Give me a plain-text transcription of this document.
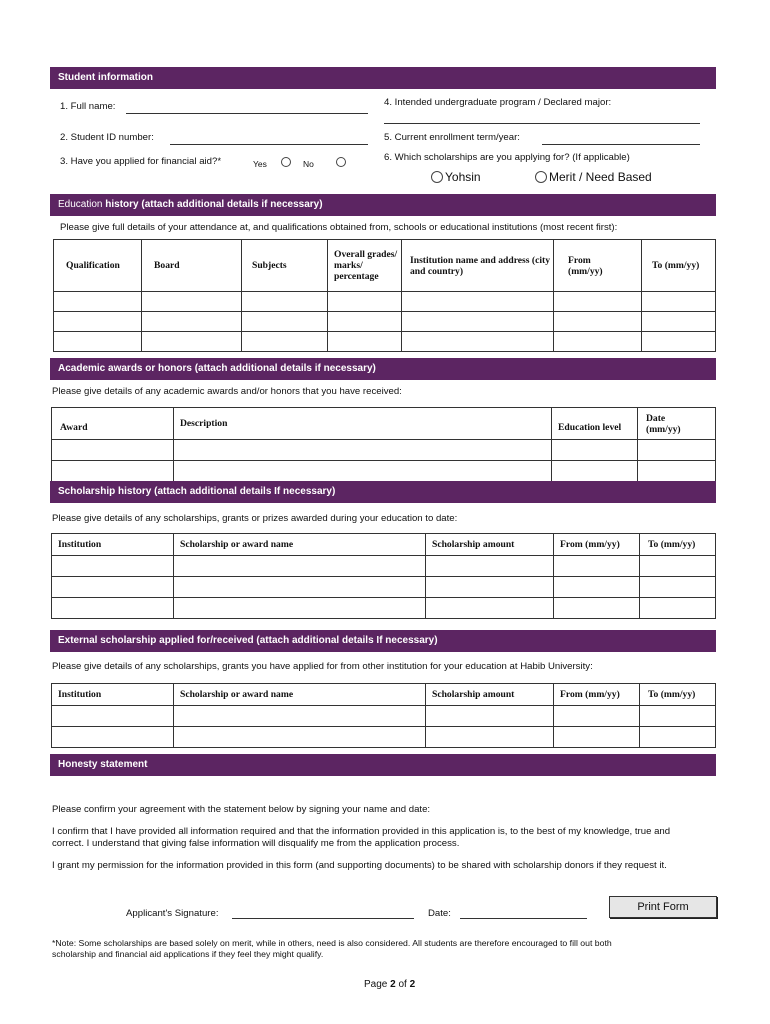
Student information
1. Full name:	4. Intended undergraduate program / Declared major:
2. Student ID number:	5. Current enrollment term/year:
3. Have you applied for financial aid?*	Yes	No
6. Which scholarships are you applying for? (If applicable)
Yohsin	Merit / Need Based
Education history (attach additional details if necessary)
Please give full details of your attendance at, and qualifications obtained from, schools or educational institutions (most recent first):
Qualification	Board	Subjects	Overall grades/ marks/ percentage	Institution name and address (city and country)	From (mm/yy)	To (mm/yy)

Academic awards or honors (attach additional details if necessary)
Please give details of any academic awards and/or honors that you have received:
Award	Description	Education level	Date (mm/yy)

Scholarship history (attach additional details If necessary)
Please give details of any scholarships, grants or prizes awarded during your education to date:
Institution	Scholarship or award name	Scholarship amount	From (mm/yy)	To (mm/yy)

External scholarship applied for/received (attach additional details If necessary)
Please give details of any scholarships, grants you have applied for from other institution for your education at Habib University:
Institution	Scholarship or award name	Scholarship amount	From (mm/yy)	To (mm/yy)

Honesty statement
Please confirm your agreement with the statement below by signing your name and date:
I confirm that I have provided all information required and that the information provided in this application is, to the best of my knowledge, true and
correct. I understand that giving false information will disqualify me from the application process.
I grant my permission for the information provided in this form (and supporting documents) to be shared with scholarship donors if they request it.
Applicant's Signature:	Date:
Print Form
*Note: Some scholarships are based solely on merit, while in others, need is also considered. All students are therefore encouraged to fill out both
scholarship and financial aid applications if they feel they might qualify.
Page 2 of 2
